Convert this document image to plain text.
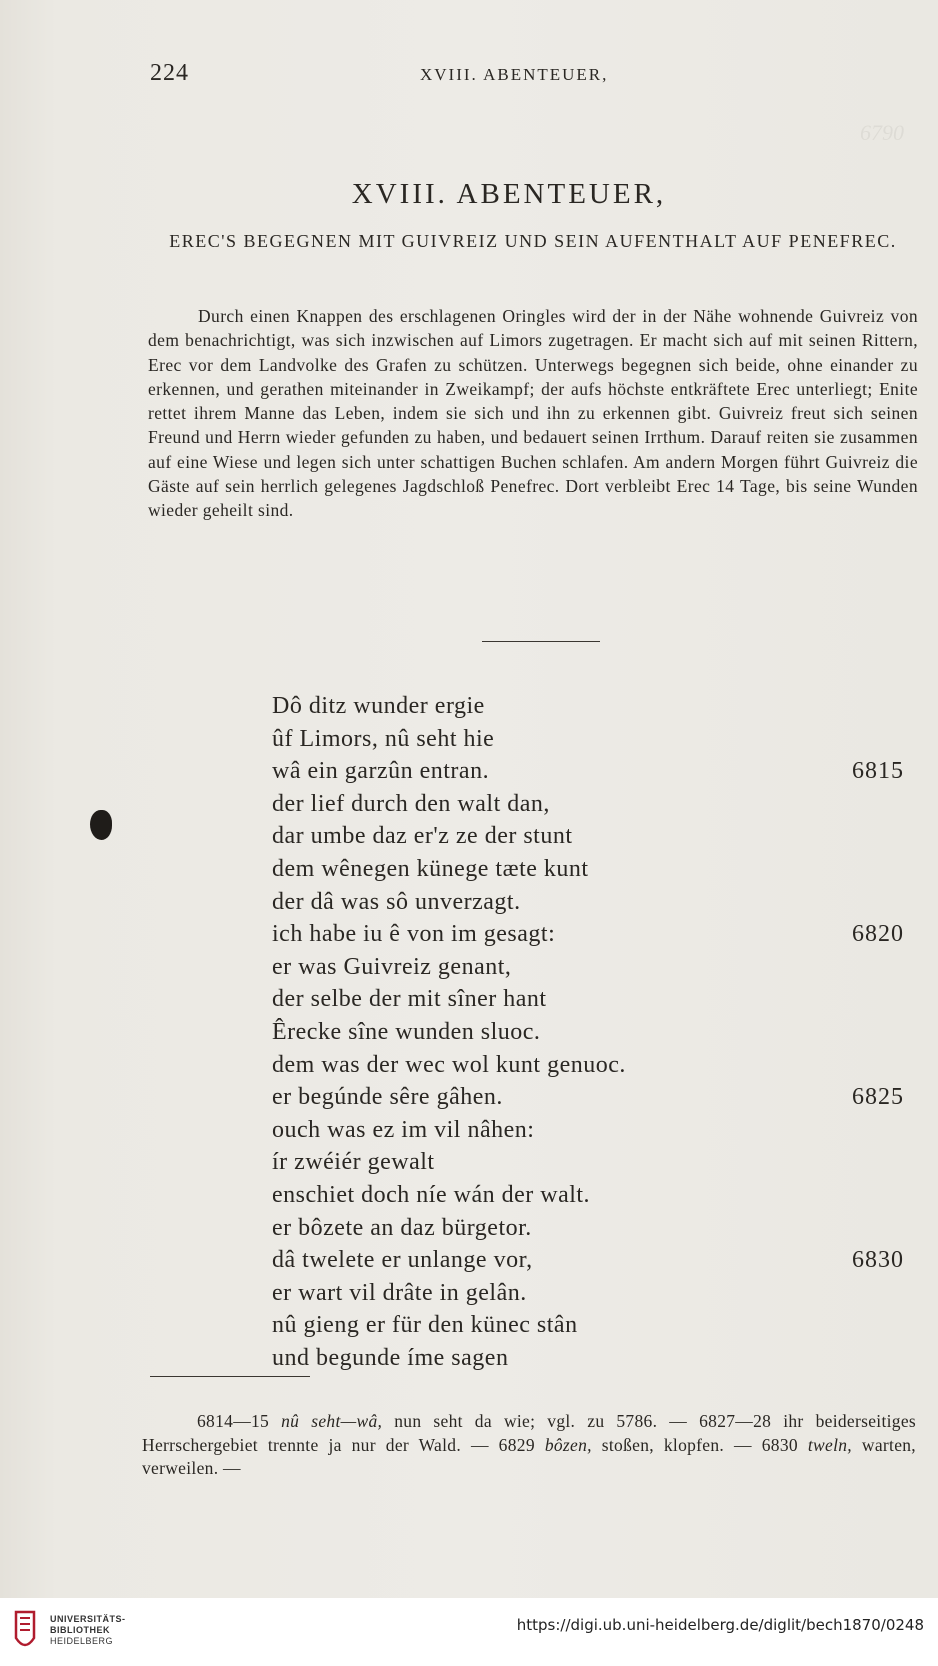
6790
224	XVIII. ABENTEUER,
XVIII. ABENTEUER,
EREC'S BEGEGNEN MIT GUIVREIZ UND SEIN AUFENTHALT AUF PENEFREC.

Durch einen Knappen des erschlagenen Oringles wird der in der Nähe wohnende Guivreiz von dem benachrichtigt, was sich inzwischen auf Limors zugetragen. Er macht sich auf mit seinen Rittern, Erec vor dem Landvolke des Grafen zu schützen. Unterwegs begegnen sich beide, ohne einander zu erkennen, und gerathen miteinander in Zweikampf; der aufs höchste entkräftete Erec unterliegt; Enite rettet ihrem Manne das Leben, indem sie sich und ihn zu erkennen gibt. Guivreiz freut sich seinen Freund und Herrn wieder gefunden zu haben, und bedauert seinen Irrthum. Darauf reiten sie zusammen auf eine Wiese und legen sich unter schattigen Buchen schlafen. Am andern Morgen führt Guivreiz die Gäste auf sein herrlich gelegenes Jagdschloß Penefrec. Dort verbleibt Erec 14 Tage, bis seine Wunden wieder geheilt sind.

Dô ditz wunder ergie
ûf Limors, nû seht hie
wâ ein garzûn entran.	6815
der lief durch den walt dan,
dar umbe daz er'z ze der stunt
dem wênegen künege tæte kunt
der dâ was sô unverzagt.
ich habe iu ê von im gesagt:	6820
er was Guivreiz genant,
der selbe der mit sîner hant
Êrecke sîne wunden sluoc.
dem was der wec wol kunt genuoc.
er begúnde sêre gâhen.	6825
ouch was ez im vil nâhen:
ír zwéiér gewalt
enschiet doch níe wán der walt.
er bôzete an daz bürgetor.
dâ twelete er unlange vor,	6830
er wart vil drâte in gelân.
nû gieng er für den künec stân
und begunde íme sagen

6814—15 nû seht—wâ, nun seht da wie; vgl. zu 5786. — 6827—28 ihr beiderseitiges Herrschergebiet trennte ja nur der Wald. — 6829 bôzen, stoßen, klopfen. — 6830 tweln, warten, verweilen. —

UNIVERSITÄTS-
BIBLIOTHEK
HEIDELBERG
https://digi.ub.uni-heidelberg.de/diglit/bech1870/0248
